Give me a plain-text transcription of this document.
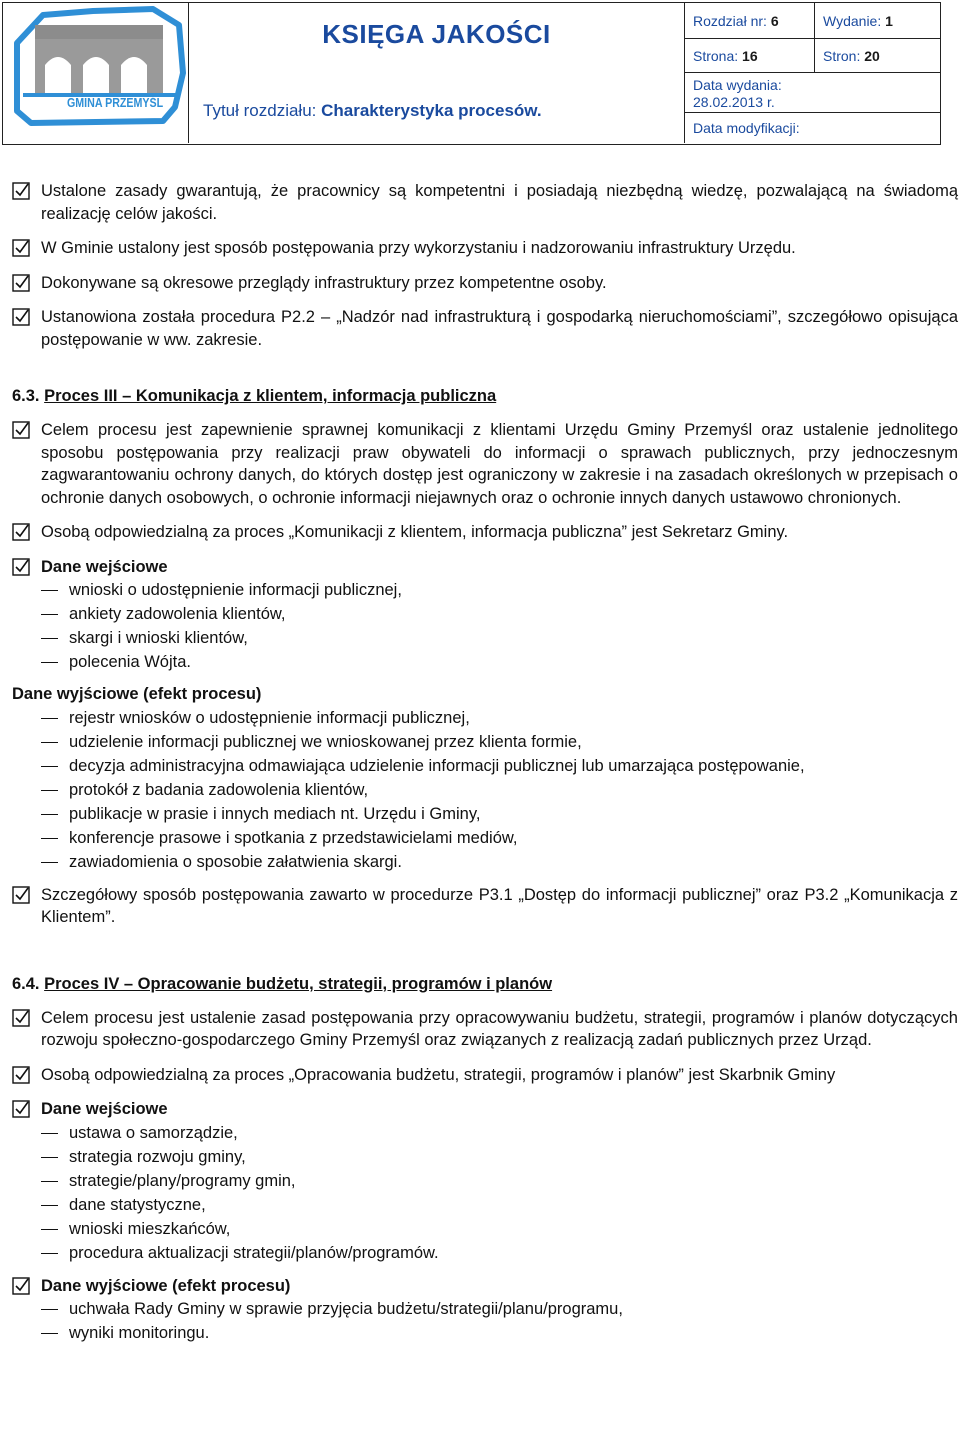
GMINA PRZEMYŚL
KSIĘGA JAKOŚCI
Tytuł rozdziału: Charakterystyka procesów.
Rozdział nr: 6	Wydanie: 1
Strona: 16	Stron: 20
Data wydania:
28.02.2013 r.
Data modyfikacji:

Ustalone zasady gwarantują, że pracownicy są kompetentni i posiadają niezbędną wiedzę, pozwalającą na świadomą realizację celów jakości.

W Gminie ustalony jest sposób postępowania przy wykorzystaniu i nadzorowaniu infrastruktury Urzędu.

Dokonywane są okresowe przeglądy infrastruktury przez kompetentne osoby.

Ustanowiona została procedura P2.2 – „Nadzór nad infrastrukturą i gospodarką nieruchomościami”, szczegółowo opisująca postępowanie w ww. zakresie.

6.3. Proces III – Komunikacja z klientem, informacja publiczna

Celem procesu jest zapewnienie sprawnej komunikacji z klientami Urzędu Gminy Przemyśl oraz ustalenie jednolitego sposobu postępowania przy realizacji praw obywateli do informacji o sprawach publicznych, przy jednoczesnym zagwarantowaniu ochrony danych, do których dostęp jest ograniczony w zakresie i na zasadach określonych w przepisach o ochronie danych osobowych, o ochronie informacji niejawnych oraz o ochronie innych danych ustawowo chronionych.

Osobą odpowiedzialną za proces „Komunikacji z klientem, informacja publiczna” jest Sekretarz Gminy.

Dane wejściowe

wnioski o udostępnienie informacji publicznej,

ankiety zadowolenia klientów,

skargi i wnioski klientów,

polecenia Wójta.

Dane wyjściowe (efekt procesu)

rejestr wniosków o udostępnienie informacji publicznej,

udzielenie informacji publicznej we wnioskowanej przez klienta formie,

decyzja administracyjna odmawiająca udzielenie informacji publicznej lub umarzająca postępowanie,

protokół z badania zadowolenia klientów,

publikacje w prasie i innych mediach nt. Urzędu i Gminy,

konferencje prasowe i spotkania z przedstawicielami mediów,

zawiadomienia o sposobie załatwienia skargi.

Szczegółowy sposób postępowania zawarto w procedurze P3.1 „Dostęp do informacji publicznej” oraz P3.2 „Komunikacja z Klientem”.

6.4. Proces IV – Opracowanie budżetu, strategii, programów i planów

Celem procesu jest ustalenie zasad postępowania przy opracowywaniu budżetu, strategii, programów i planów dotyczących rozwoju społeczno-gospodarczego Gminy Przemyśl oraz związanych z realizacją zadań publicznych przez Urząd.

Osobą odpowiedzialną za proces „Opracowania budżetu, strategii, programów i planów” jest Skarbnik Gminy

Dane wejściowe

ustawa o samorządzie,

strategia rozwoju gminy,

strategie/plany/programy gmin,

dane statystyczne,

wnioski mieszkańców,

procedura aktualizacji strategii/planów/programów.

Dane wyjściowe (efekt procesu)

uchwała Rady Gminy w sprawie przyjęcia budżetu/strategii/planu/programu,

wyniki monitoringu.
